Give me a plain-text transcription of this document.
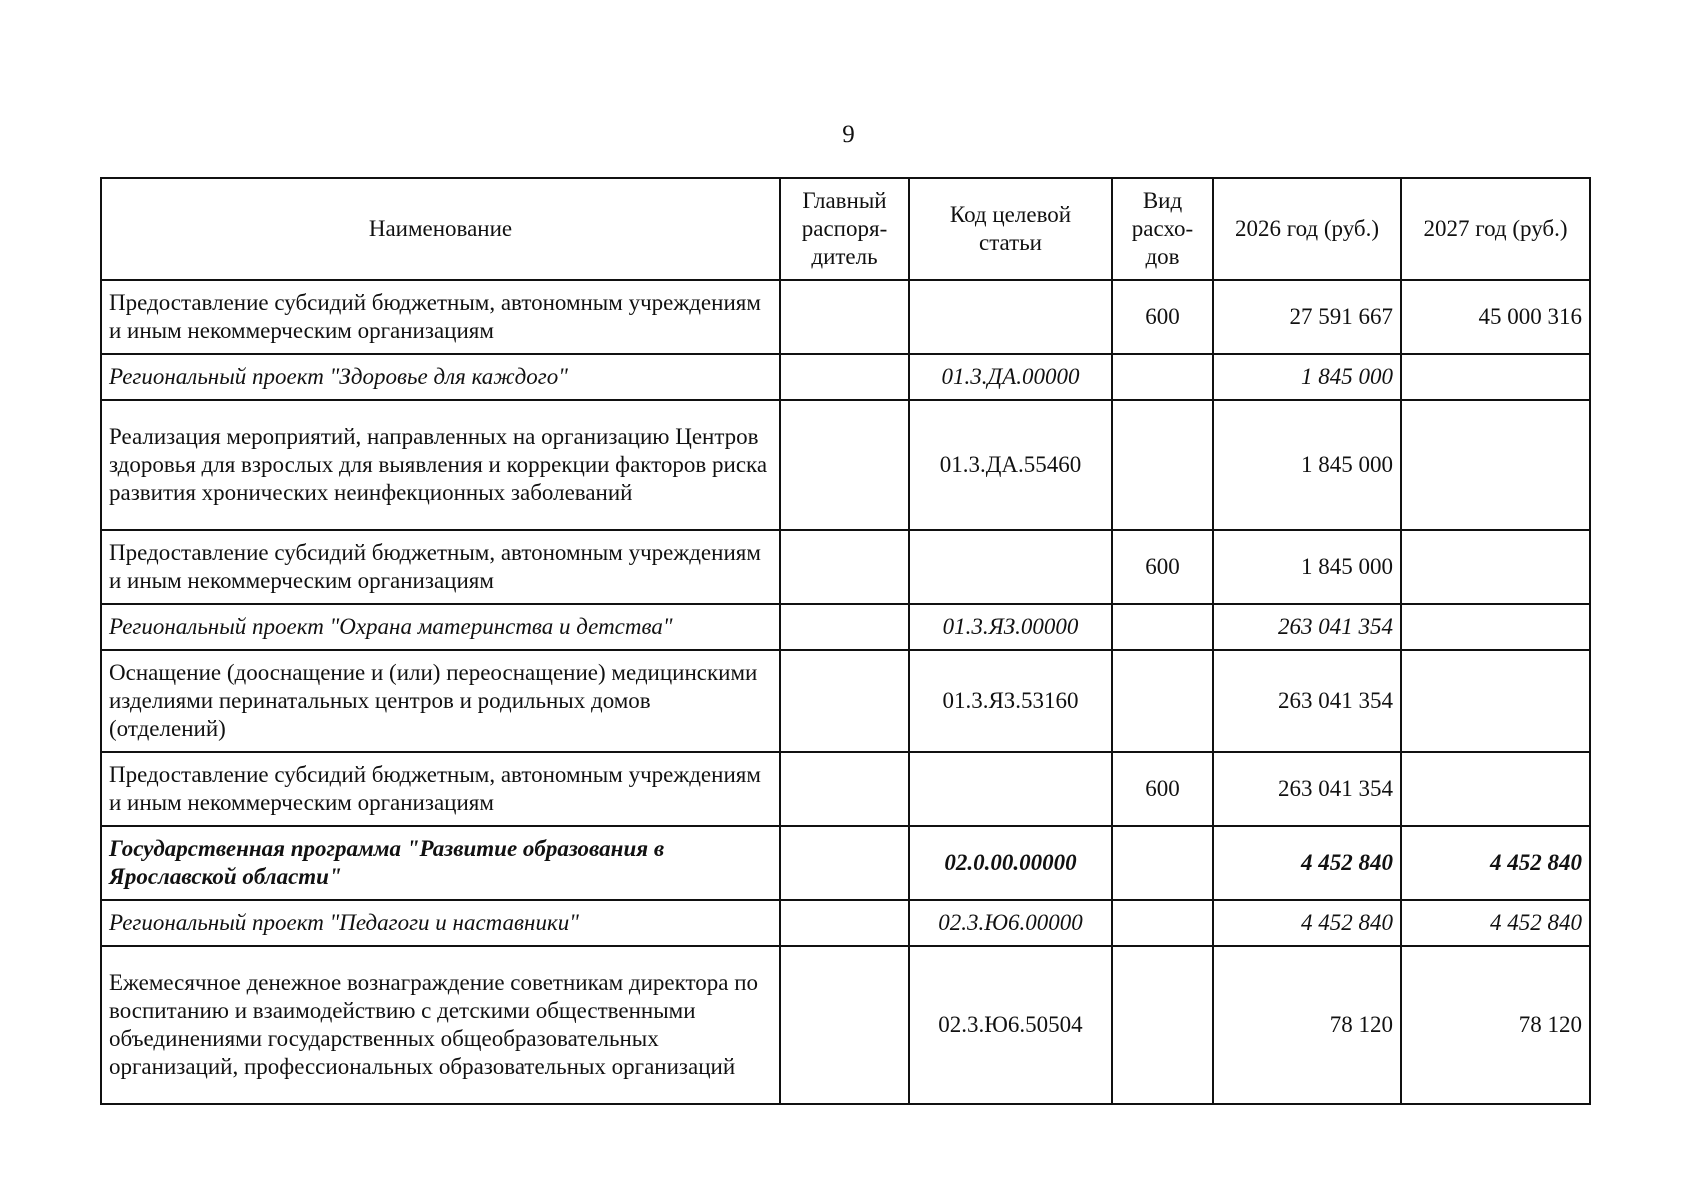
9
Наименование	Главный распоря-дитель	Код целевой статьи	Вид расхо-дов	2026 год (руб.)	2027 год (руб.)
Предоставление субсидий бюджетным, автономным учреждениям и иным некоммерческим организациям			600	27 591 667	45 000 316
Региональный проект "Здоровье для каждого"		01.3.ДА.00000		1 845 000	
Реализация мероприятий, направленных на организацию Центров здоровья для взрослых для выявления и коррекции факторов риска развития хронических неинфекционных заболеваний		01.3.ДА.55460		1 845 000	
Предоставление субсидий бюджетным, автономным учреждениям и иным некоммерческим организациям			600	1 845 000	
Региональный проект "Охрана материнства и детства"		01.3.ЯЗ.00000		263 041 354	
Оснащение (дооснащение и (или) переоснащение) медицинскими изделиями перинатальных центров и родильных домов (отделений)		01.3.ЯЗ.53160		263 041 354	
Предоставление субсидий бюджетным, автономным учреждениям и иным некоммерческим организациям			600	263 041 354	
Государственная программа "Развитие образования в Ярославской области"		02.0.00.00000		4 452 840	4 452 840
Региональный проект "Педагоги и наставники"		02.3.Ю6.00000		4 452 840	4 452 840
Ежемесячное денежное вознаграждение советникам директора по воспитанию и взаимодействию с детскими общественными объединениями государственных общеобразовательных организаций, профессиональных образовательных организаций		02.3.Ю6.50504		78 120	78 120
